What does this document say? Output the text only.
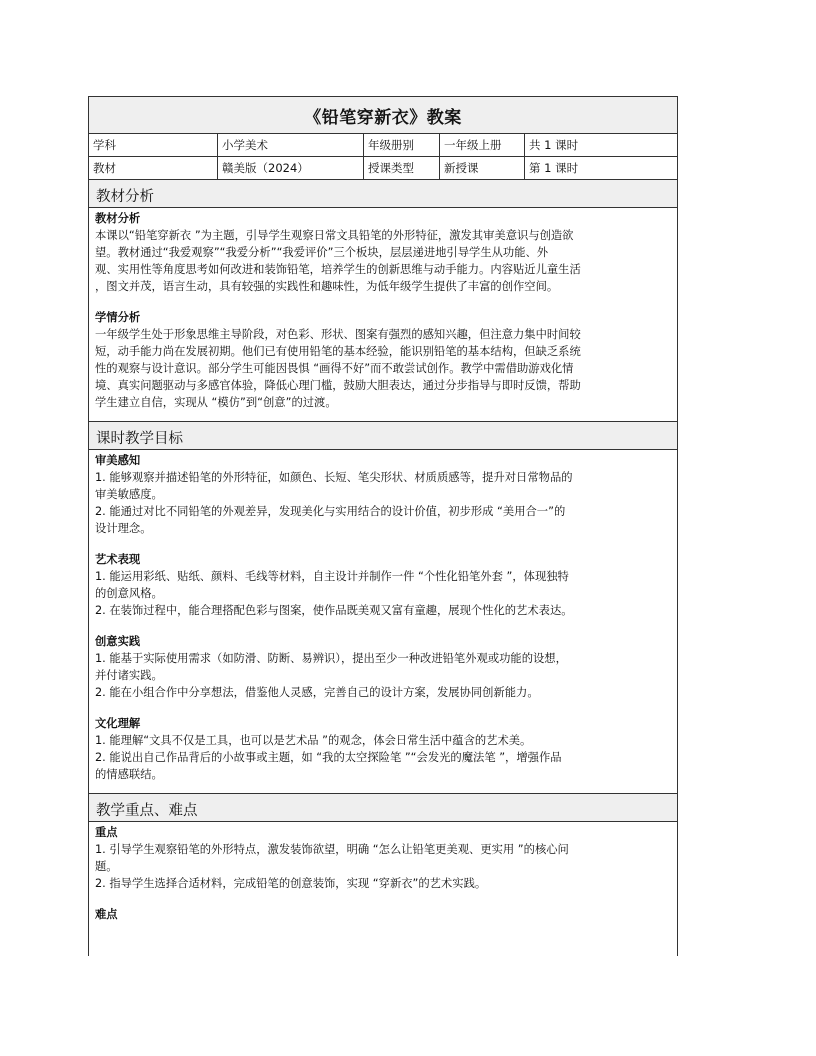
《铅笔穿新衣》教案
学科	小学美术	年级册别	一年级上册	共 1 课时
教材	赣美版（2024）	授课类型	新授课	第 1 课时
教材分析
教材分析

本课以“铅笔穿新衣 ”为主题，引导学生观察日常文具铅笔的外形特征，激发其审美意识与创造欲

望。教材通过“我爱观察”“我爱分析”“我爱评价”三个板块，层层递进地引导学生从功能、外

观、实用性等角度思考如何改进和装饰铅笔，培养学生的创新思维与动手能力。内容贴近儿童生活

，图文并茂，语言生动，具有较强的实践性和趣味性，为低年级学生提供了丰富的创作空间。

学情分析

一年级学生处于形象思维主导阶段，对色彩、形状、图案有强烈的感知兴趣，但注意力集中时间较

短，动手能力尚在发展初期。他们已有使用铅笔的基本经验，能识别铅笔的基本结构，但缺乏系统

性的观察与设计意识。部分学生可能因畏惧 “画得不好”而不敢尝试创作。教学中需借助游戏化情

境、真实问题驱动与多感官体验，降低心理门槛，鼓励大胆表达，通过分步指导与即时反馈，帮助

学生建立自信，实现从 “模仿”到“创意”的过渡。

课时教学目标
审美感知

1. 能够观察并描述铅笔的外形特征，如颜色、长短、笔尖形状、材质质感等，提升对日常物品的

审美敏感度。

2. 能通过对比不同铅笔的外观差异，发现美化与实用结合的设计价值，初步形成 “美用合一”的

设计理念。

艺术表现

1. 能运用彩纸、贴纸、颜料、毛线等材料，自主设计并制作一件 “个性化铅笔外套 ”，体现独特

的创意风格。

2. 在装饰过程中，能合理搭配色彩与图案，使作品既美观又富有童趣，展现个性化的艺术表达。

创意实践

1. 能基于实际使用需求（如防滑、防断、易辨识），提出至少一种改进铅笔外观或功能的设想，

并付诸实践。

2. 能在小组合作中分享想法，借鉴他人灵感，完善自己的设计方案，发展协同创新能力。

文化理解

1. 能理解“文具不仅是工具，也可以是艺术品 ”的观念，体会日常生活中蕴含的艺术美。

2. 能说出自己作品背后的小故事或主题，如 “我的太空探险笔 ”“会发光的魔法笔 ”，增强作品

的情感联结。

教学重点、难点
重点

1. 引导学生观察铅笔的外形特点，激发装饰欲望，明确 “怎么让铅笔更美观、更实用 ”的核心问

题。

2. 指导学生选择合适材料，完成铅笔的创意装饰，实现 “穿新衣”的艺术实践。

难点
